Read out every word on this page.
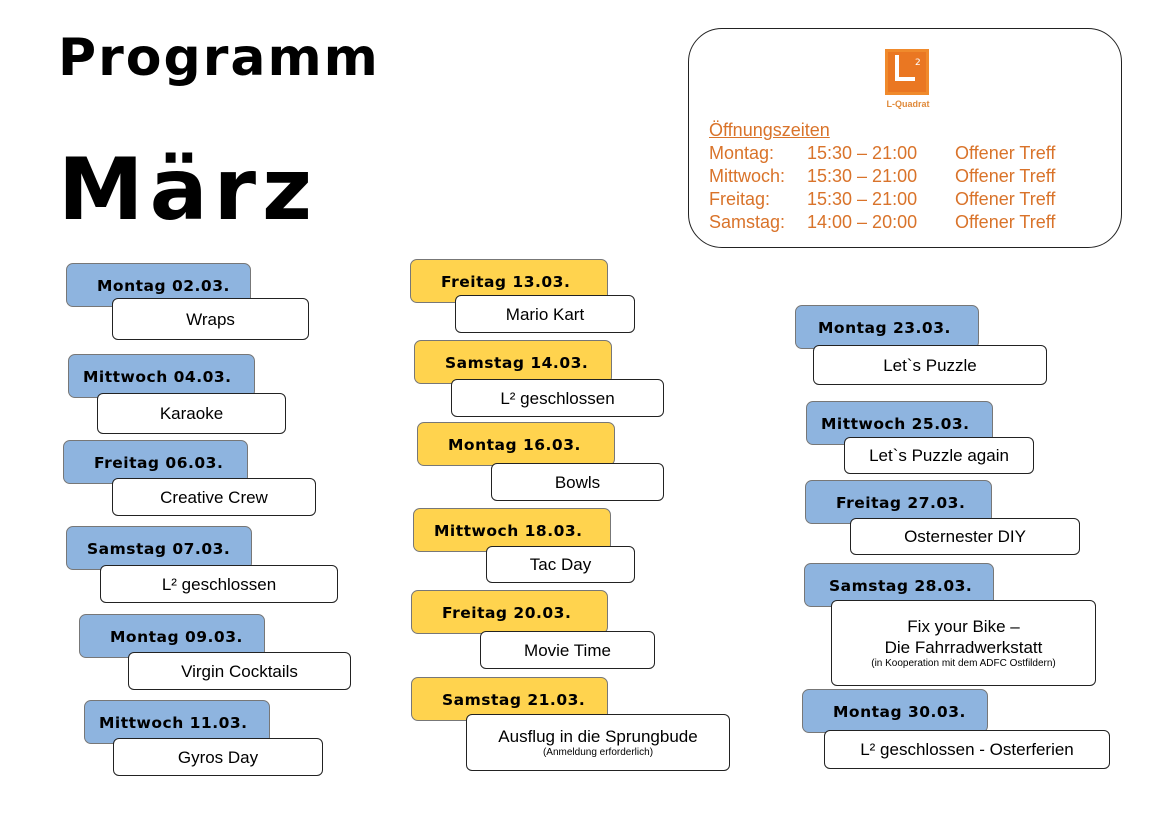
Programm
März
2
L-Quadrat
Öffnungszeiten
Montag:	15:30 – 21:00	Offener Treff
Mittwoch:	15:30 – 21:00	Offener Treff
Freitag:	15:30 – 21:00	Offener Treff
Samstag:	14:00 – 20:00	Offener Treff
Montag 02.03.
Wraps
Mittwoch 04.03.
Karaoke
Freitag 06.03.
Creative Crew
Samstag 07.03.
L² geschlossen
Montag 09.03.
Virgin Cocktails
Mittwoch 11.03.
Gyros Day
Freitag 13.03.
Mario Kart
Samstag 14.03.
L² geschlossen
Montag 16.03.
Bowls
Mittwoch 18.03.
Tac Day
Freitag 20.03.
Movie Time
Samstag 21.03.
Ausflug in die Sprungbude
(Anmeldung erforderlich)
Montag 23.03.
Let`s Puzzle
Mittwoch 25.03.
Let`s Puzzle again
Freitag 27.03.
Osternester DIY
Samstag 28.03.
Fix your Bike –
Die Fahrradwerkstatt
(in Kooperation mit dem ADFC Ostfildern)
Montag 30.03.
L² geschlossen - Osterferien
